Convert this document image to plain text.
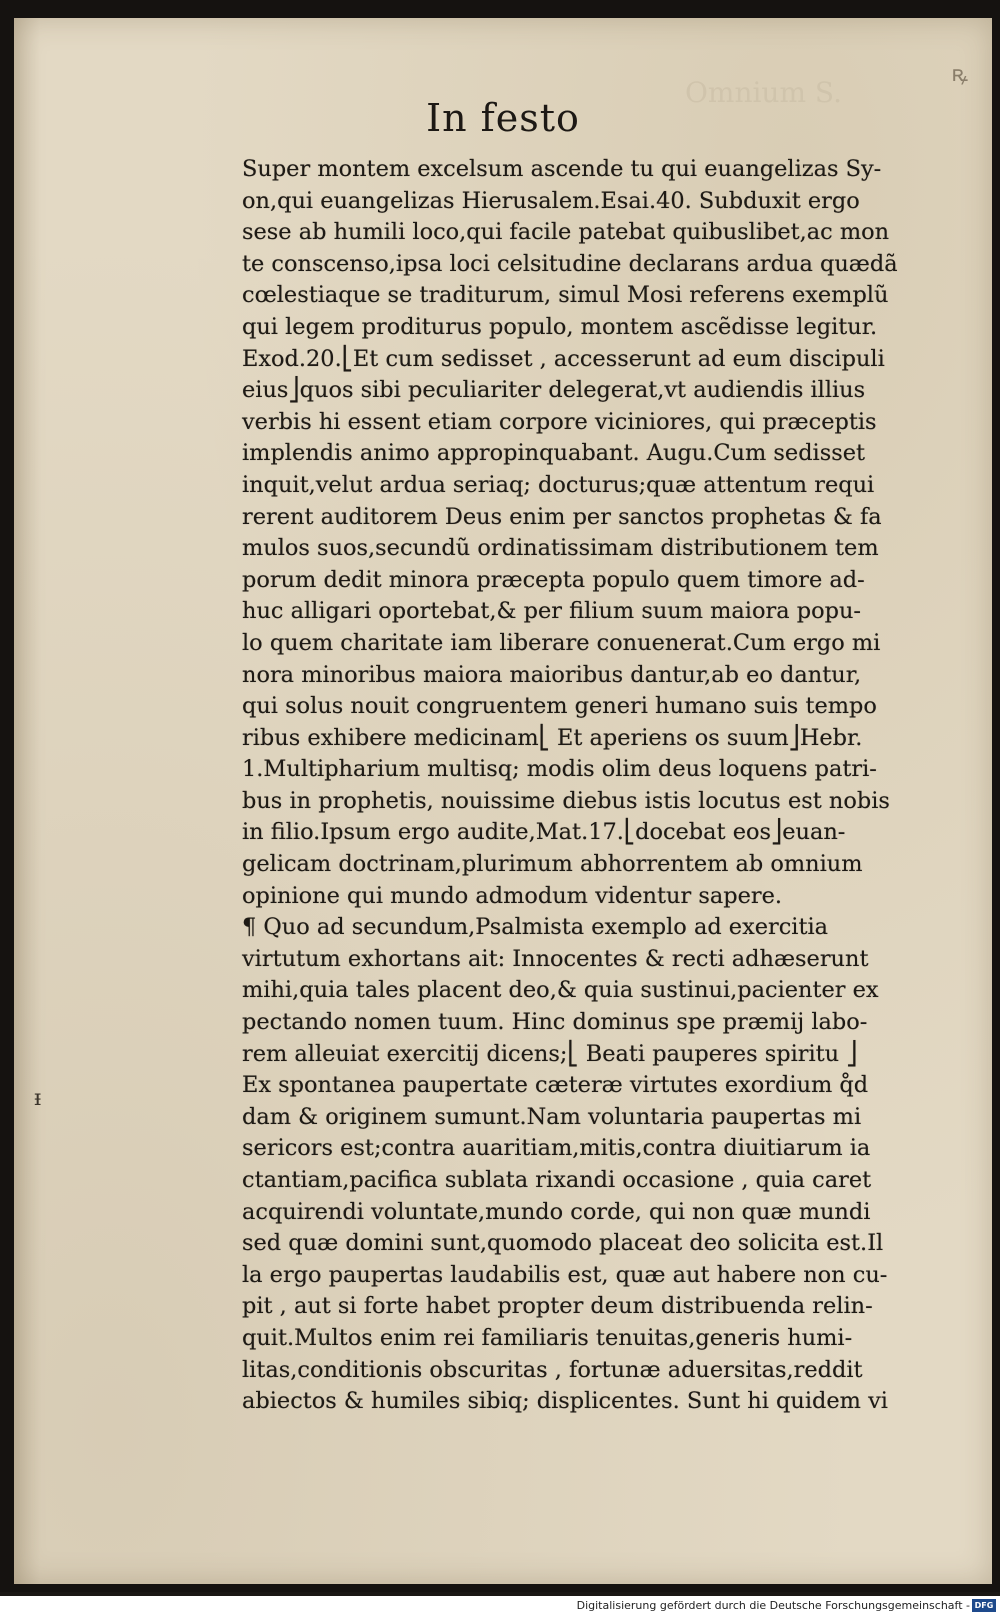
Omnium S.
ꝶ
ᵻ
In festo
Super montem excelsum ascende tu qui euangelizas Sy-on,qui euangelizas Hierusalem.Esai.40. Subduxit ergosese ab humili loco,qui facile patebat quibuslibet,ac monte conscenso,ipsa loci celsitudine declarans ardua quædãcœlestiaque se traditurum, simul Mosi referens exemplũqui legem proditurus populo, montem ascẽdisse legitur.Exod.20.⎣Et cum sedisset , accesserunt ad eum discipulieius⎦quos sibi peculiariter delegerat,vt audiendis illiusverbis hi essent etiam corpore viciniores, qui præceptisimplendis animo appropinquabant. Augu.Cum sedissetinquit,velut ardua seriaq; docturus;quæ attentum requirerent auditorem Deus enim per sanctos prophetas & famulos suos,secundũ ordinatissimam distributionem temporum dedit minora præcepta populo quem timore ad-huc alligari oportebat,& per filium suum maiora popu-lo quem charitate iam liberare conuenerat.Cum ergo minora minoribus maiora maioribus dantur,ab eo dantur,qui solus nouit congruentem generi humano suis temporibus exhibere medicinam⎣ Et aperiens os suum⎦Hebr.1.Multipharium multisq; modis olim deus loquens patri-bus in prophetis, nouissime diebus istis locutus est nobisin filio.Ipsum ergo audite,Mat.17.⎣docebat eos⎦euan-gelicam doctrinam,plurimum abhorrentem ab omniumopinione qui mundo admodum videntur sapere.¶ Quo ad secundum,Psalmista exemplo ad exercitiavirtutum exhortans ait: Innocentes & recti adhæseruntmihi,quia tales placent deo,& quia sustinui,pacienter expectando nomen tuum. Hinc dominus spe præmij labo-rem alleuiat exercitij dicens;⎣ Beati pauperes spiritu ⎦Ex spontanea paupertate cæteræ virtutes exordium q̊ddam & originem sumunt.Nam voluntaria paupertas misericors est;contra auaritiam,mitis,contra diuitiarum iactantiam,pacifica sublata rixandi occasione , quia caretacquirendi voluntate,mundo corde, qui non quæ mundised quæ domini sunt,quomodo placeat deo solicita est.Illa ergo paupertas laudabilis est, quæ aut habere non cu-pit , aut si forte habet propter deum distribuenda relin-quit.Multos enim rei familiaris tenuitas,generis humi-litas,conditionis obscuritas , fortunæ aduersitas,redditabiectos & humiles sibiq; displicentes. Sunt hi quidem vi
Digitalisierung gefördert durch die Deutsche Forschungsgemeinschaft - DFG
